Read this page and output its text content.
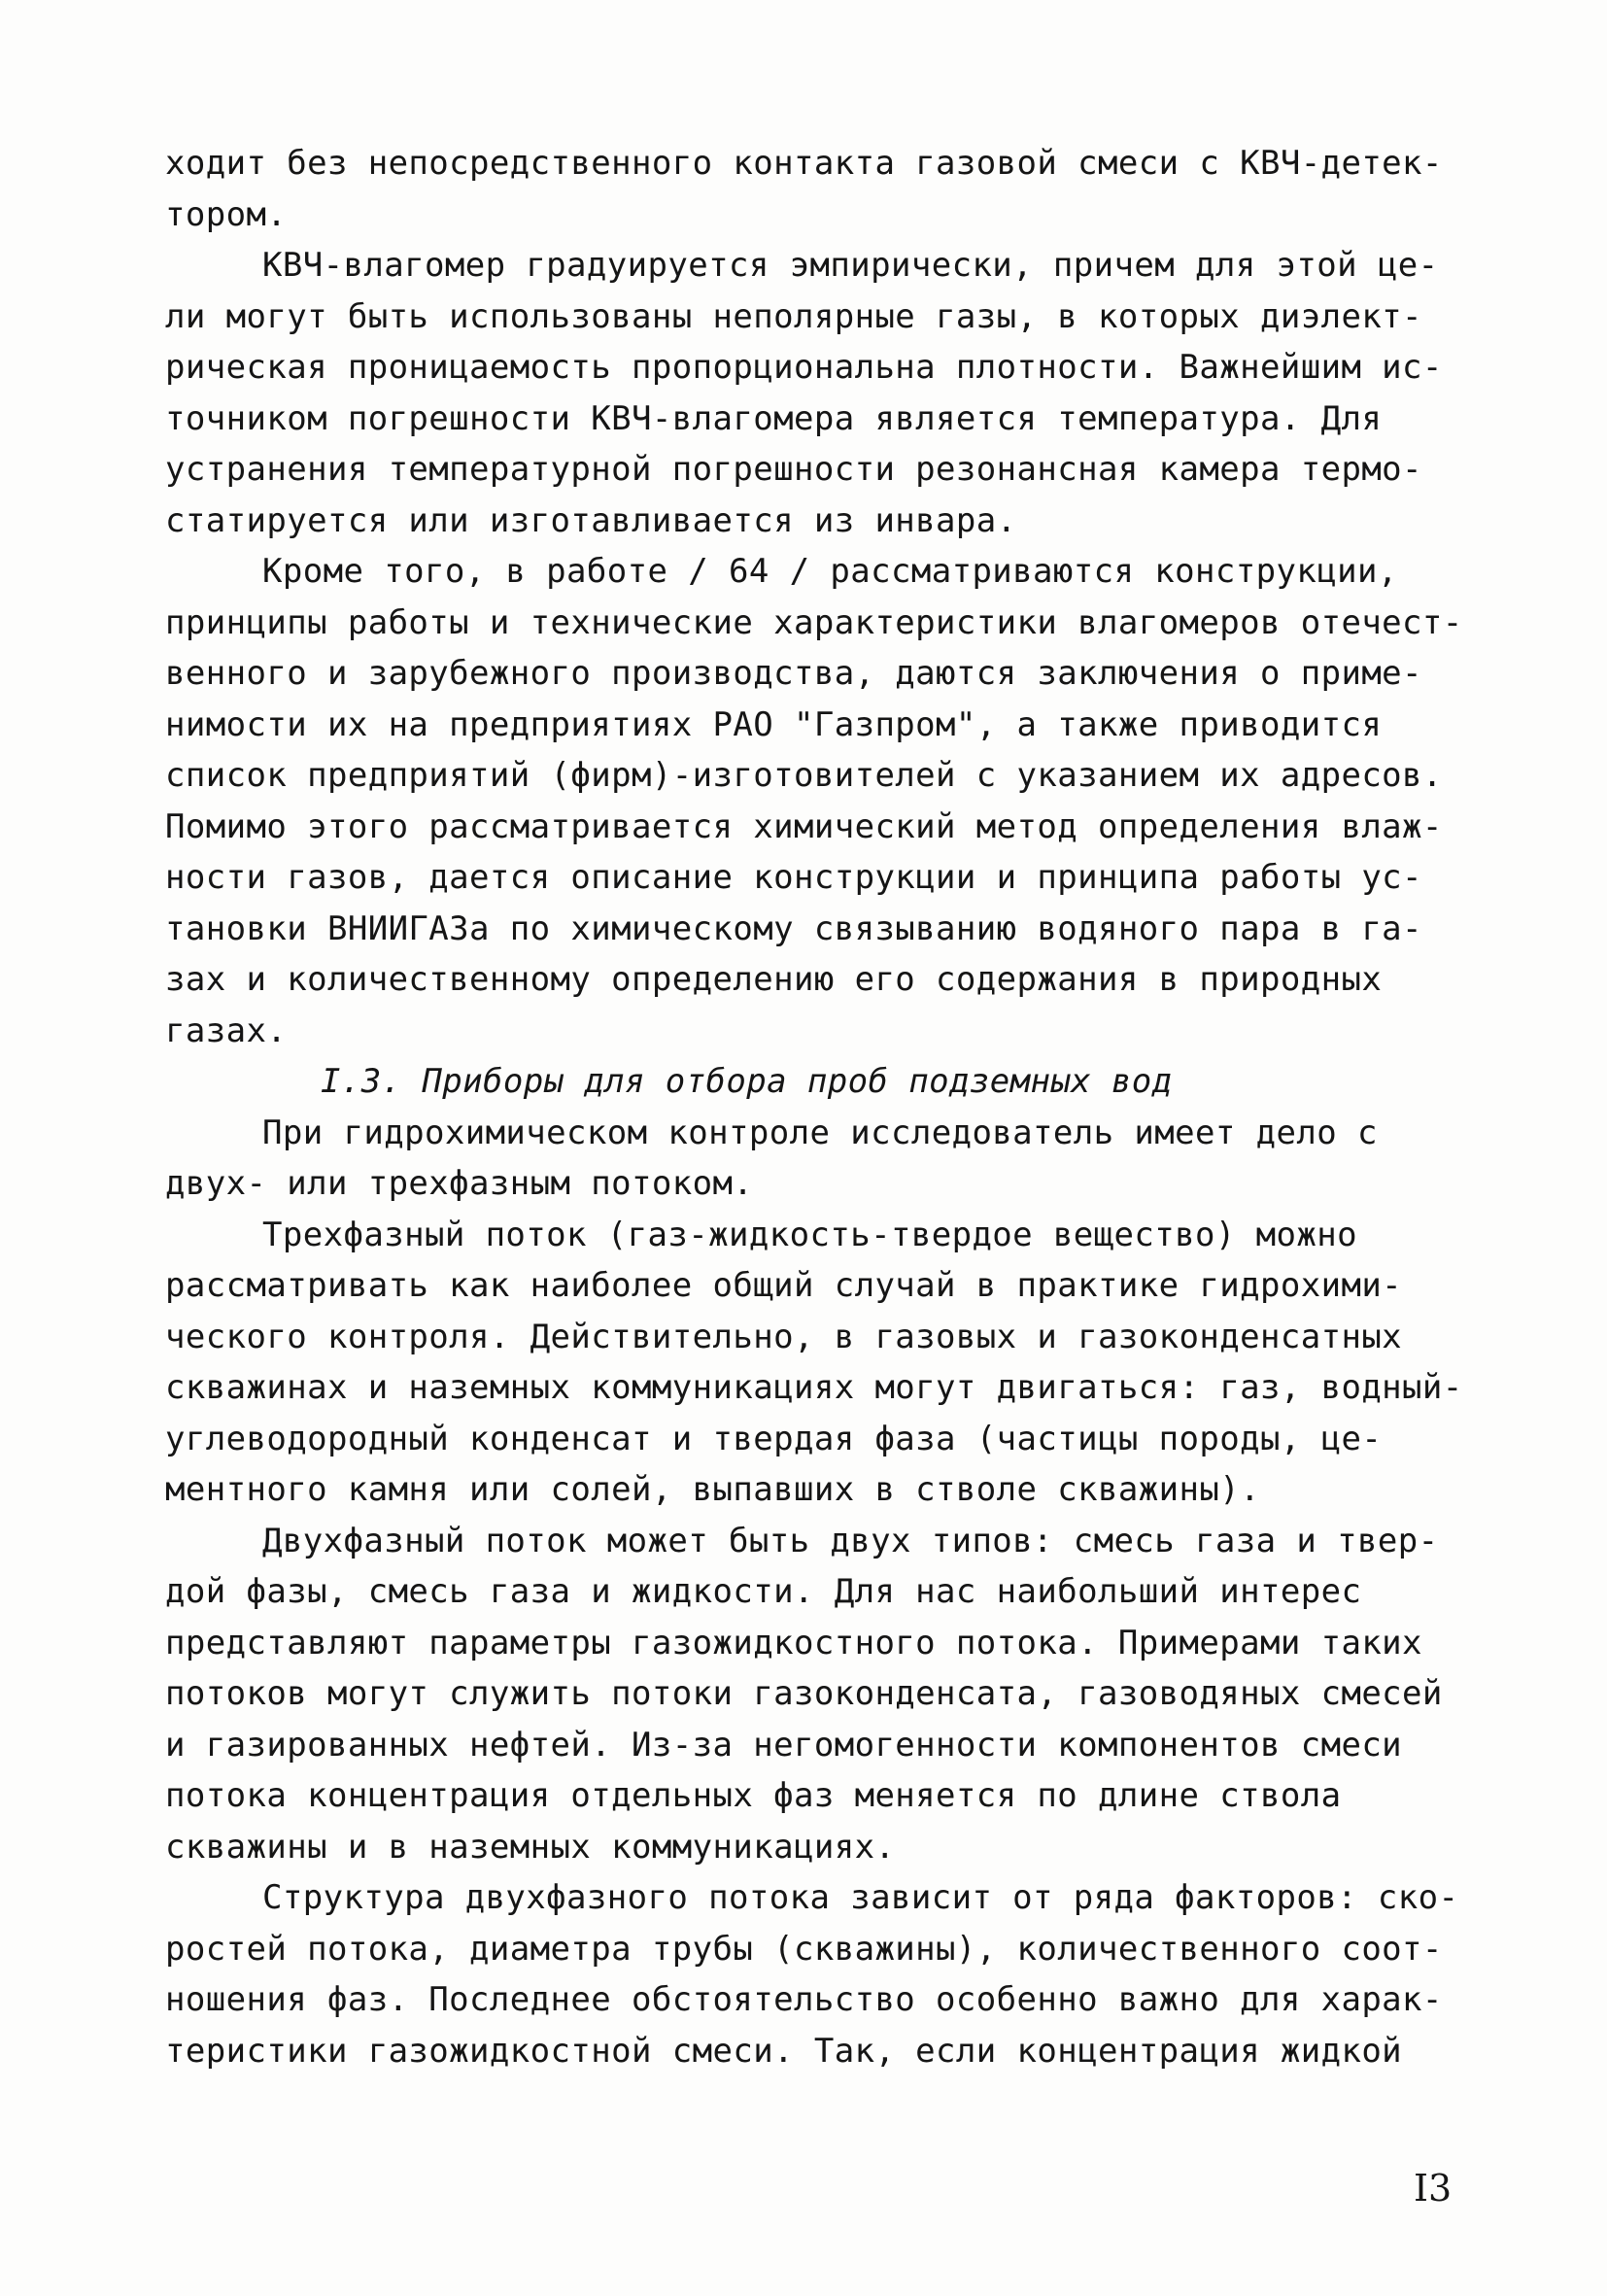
ходит без непосредственного контакта газовой смеси с КВЧ-детек-
тором.
КВЧ-влагомер градуируется эмпирически, причем для этой це-
ли могут быть использованы неполярные газы, в которых диэлект-
рическая проницаемость пропорциональна плотности. Важнейшим ис-
точником погрешности КВЧ-влагомера является температура. Для
устранения температурной погрешности резонансная камера термо-
статируется или изготавливается из инвара.
Кроме того, в работе / 64 / рассматриваются конструкции,
принципы работы и технические характеристики влагомеров отечест-
венного и зарубежного производства, даются заключения о приме-
нимости их на предприятиях РАО "Газпром", а также приводится
список предприятий (фирм)-изготовителей с указанием их адресов.
Помимо этого рассматривается химический метод определения влаж-
ности газов, дается описание конструкции и принципа работы ус-
тановки ВНИИГАЗа по химическому связыванию водяного пара в га-
зах и количественному определению его содержания в природных
газах.
I.3. Приборы для отбора проб подземных вод
При гидрохимическом контроле исследователь имеет дело с
двух- или трехфазным потоком.
Трехфазный поток (газ-жидкость-твердое вещество) можно
рассматривать как наиболее общий случай в практике гидрохими-
ческого контроля. Действительно, в газовых и газоконденсатных
скважинах и наземных коммуникациях могут двигаться: газ, водный-
углеводородный конденсат и твердая фаза (частицы породы, це-
ментного камня или солей, выпавших в стволе скважины).
Двухфазный поток может быть двух типов: смесь газа и твер-
дой фазы, смесь газа и жидкости. Для нас наибольший интерес
представляют параметры газожидкостного потока. Примерами таких
потоков могут служить потоки газоконденсата, газоводяных смесей
и газированных нефтей. Из-за негомогенности компонентов смеси
потока концентрация отдельных фаз меняется по длине ствола
скважины и в наземных коммуникациях.
Структура двухфазного потока зависит от ряда факторов: ско-
ростей потока, диаметра трубы (скважины), количественного соот-
ношения фаз. Последнее обстоятельство особенно важно для харак-
теристики газожидкостной смеси. Так, если концентрация жидкой
I3
